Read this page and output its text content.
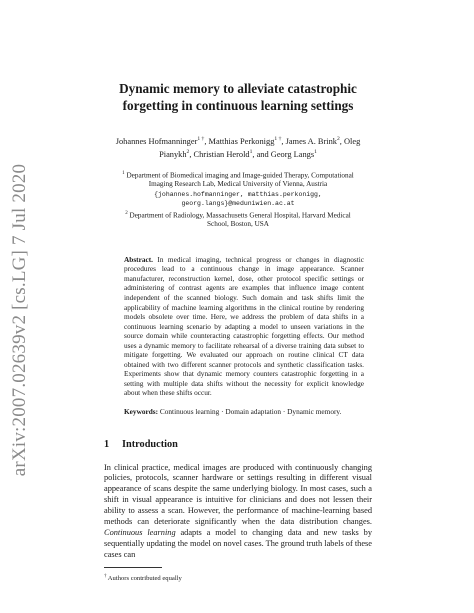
arXiv:2007.02639v2 [cs.LG] 7 Jul 2020
Dynamic memory to alleviate catastrophic
forgetting in continuous learning settings
Johannes Hofmanninger$^{1 \dagger}$, Matthias Perkonigg$^{1 \dagger}$, James A. Brink$^2$, Oleg Pianykh$^2$, Christian Herold$^1$, and Georg Langs$^1$
$^1$ Department of Biomedical imaging and Image-guided Therapy, Computational
Imaging Research Lab, Medical University of Vienna, Austria
{johannes.hofmanninger, matthias.perkonigg, georg.langs}@meduniwien.ac.at
$^2$ Department of Radiology, Massachusetts General Hospital, Harvard Medical
School, Boston, USA
Abstract. In medical imaging, technical progress or changes in diagnostic procedures lead to a continuous change in image appearance. Scanner manufacturer, reconstruction kernel, dose, other protocol specific settings or administering of contrast agents are examples that influence image content independent of the scanned biology. Such domain and task shifts limit the applicability of machine learning algorithms in the clinical routine by rendering models obsolete over time. Here, we address the problem of data shifts in a continuous learning scenario by adapting a model to unseen variations in the source domain while counteracting catastrophic forgetting effects. Our method uses a dynamic memory to facilitate rehearsal of a diverse training data subset to mitigate forgetting. We evaluated our approach on routine clinical CT data obtained with two different scanner protocols and synthetic classification tasks. Experiments show that dynamic memory counters catastrophic forgetting in a setting with multiple data shifts without the necessity for explicit knowledge about when these shifts occur.
Keywords: Continuous learning · Domain adaptation · Dynamic memory.
1 Introduction
In clinical practice, medical images are produced with continuously changing policies, protocols, scanner hardware or settings resulting in different visual appearance of scans despite the same underlying biology. In most cases, such a shift in visual appearance is intuitive for clinicians and does not lessen their ability to assess a scan. However, the performance of machine-learning based methods can deteriorate significantly when the data distribution changes. Continuous learning adapts a model to changing data and new tasks by sequentially updating the model on novel cases. The ground truth labels of these cases can
† Authors contributed equally
